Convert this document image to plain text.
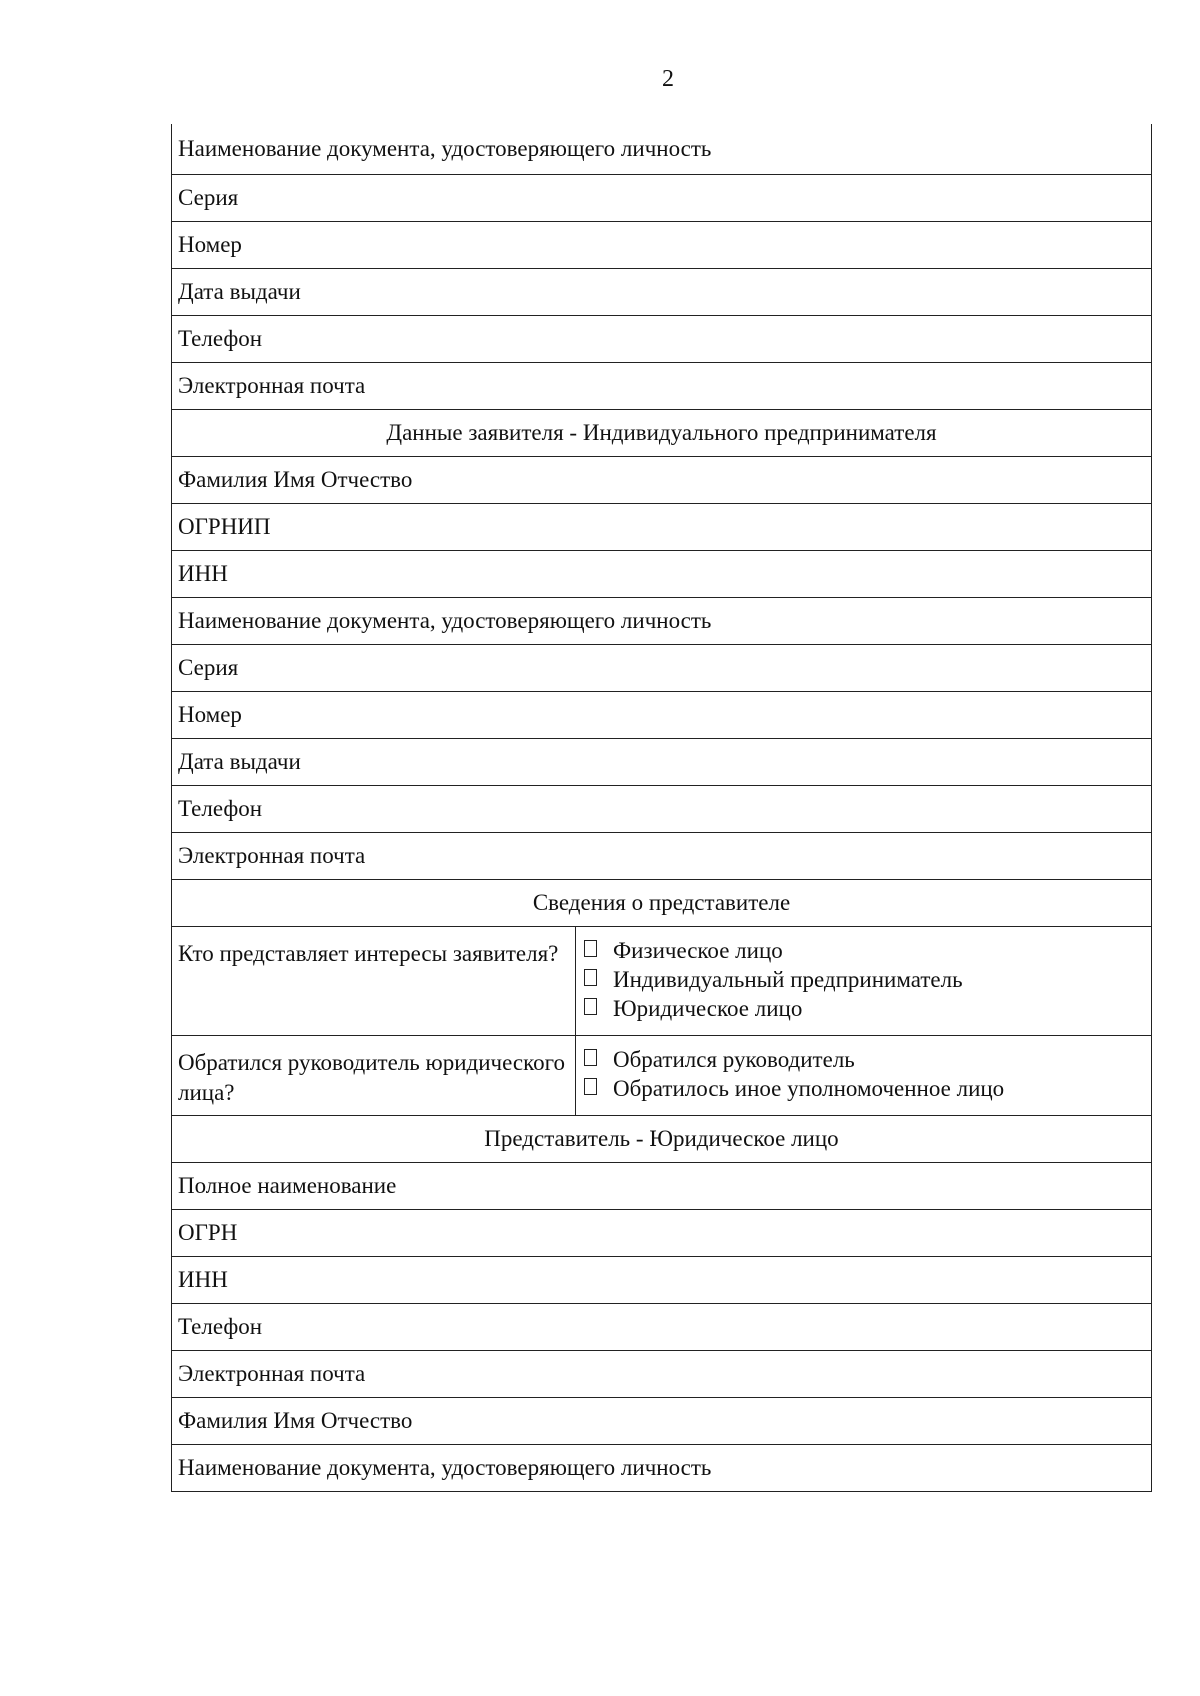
2
Наименование документа, удостоверяющего личность	
Серия	
Номер	
Дата выдачи	
Телефон	
Электронная почта	
Данные заявителя - Индивидуального предпринимателя	
Фамилия Имя Отчество	
ОГРНИП	
ИНН	
Наименование документа, удостоверяющего личность	
Серия	
Номер	
Дата выдачи	
Телефон	
Электронная почта	
Сведения о представителе	
Кто представляет интересы заявителя?	Физическое лицо
Индивидуальный предприниматель
Юридическое лицо

Обратился руководитель юридического лица?	Обратился руководитель
Обратилось иное уполномоченное лицо

Представитель - Юридическое лицо	
Полное наименование	
ОГРН	
ИНН	
Телефон	
Электронная почта	
Фамилия Имя Отчество	
Наименование документа, удостоверяющего личность	
